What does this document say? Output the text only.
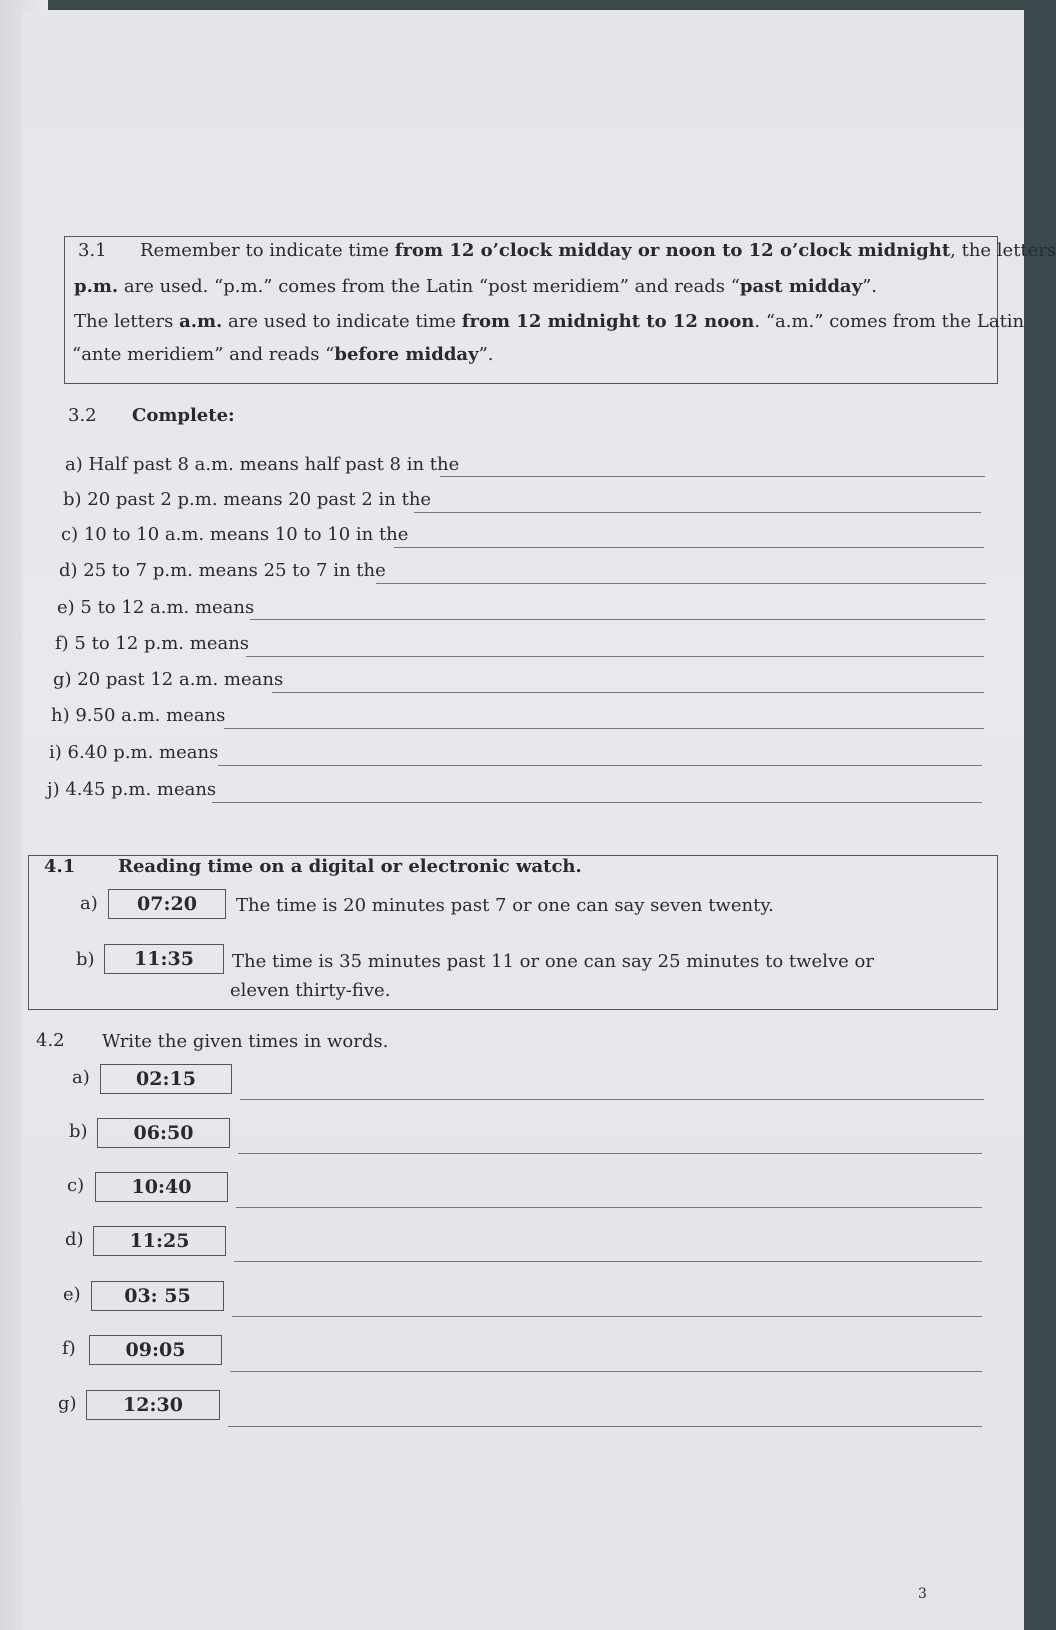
3.1 Remember to indicate time from 12 o’clock midday or noon to 12 o’clock midnight, the letters
p.m. are used. “p.m.” comes from the Latin “post meridiem” and reads “past midday”.
The letters a.m. are used to indicate time from 12 midnight to 12 noon. “a.m.” comes from the Latin
“ante meridiem” and reads “before midday”.
3.2 Complete:
a) Half past 8 a.m. means half past 8 in the
b) 20 past 2 p.m. means 20 past 2 in the
c) 10 to 10 a.m. means 10 to 10 in the
d) 25 to 7 p.m. means 25 to 7 in the
e) 5 to 12 a.m. means
f) 5 to 12 p.m. means
g) 20 past 12 a.m. means
h) 9.50 a.m. means
i) 6.40 p.m. means
j) 4.45 p.m. means
4.1 Reading time on a digital or electronic watch.
a)	07:20	The time is 20 minutes past 7 or one can say seven twenty.
b)	11:35	The time is 35 minutes past 11 or one can say 25 minutes to twelve or
eleven thirty-five.
4.2 Write the given times in words.
a)	02:15
b)	06:50
c)	10:40
d)	11:25
e)	03: 55
f)	09:05
g)	12:30
3
